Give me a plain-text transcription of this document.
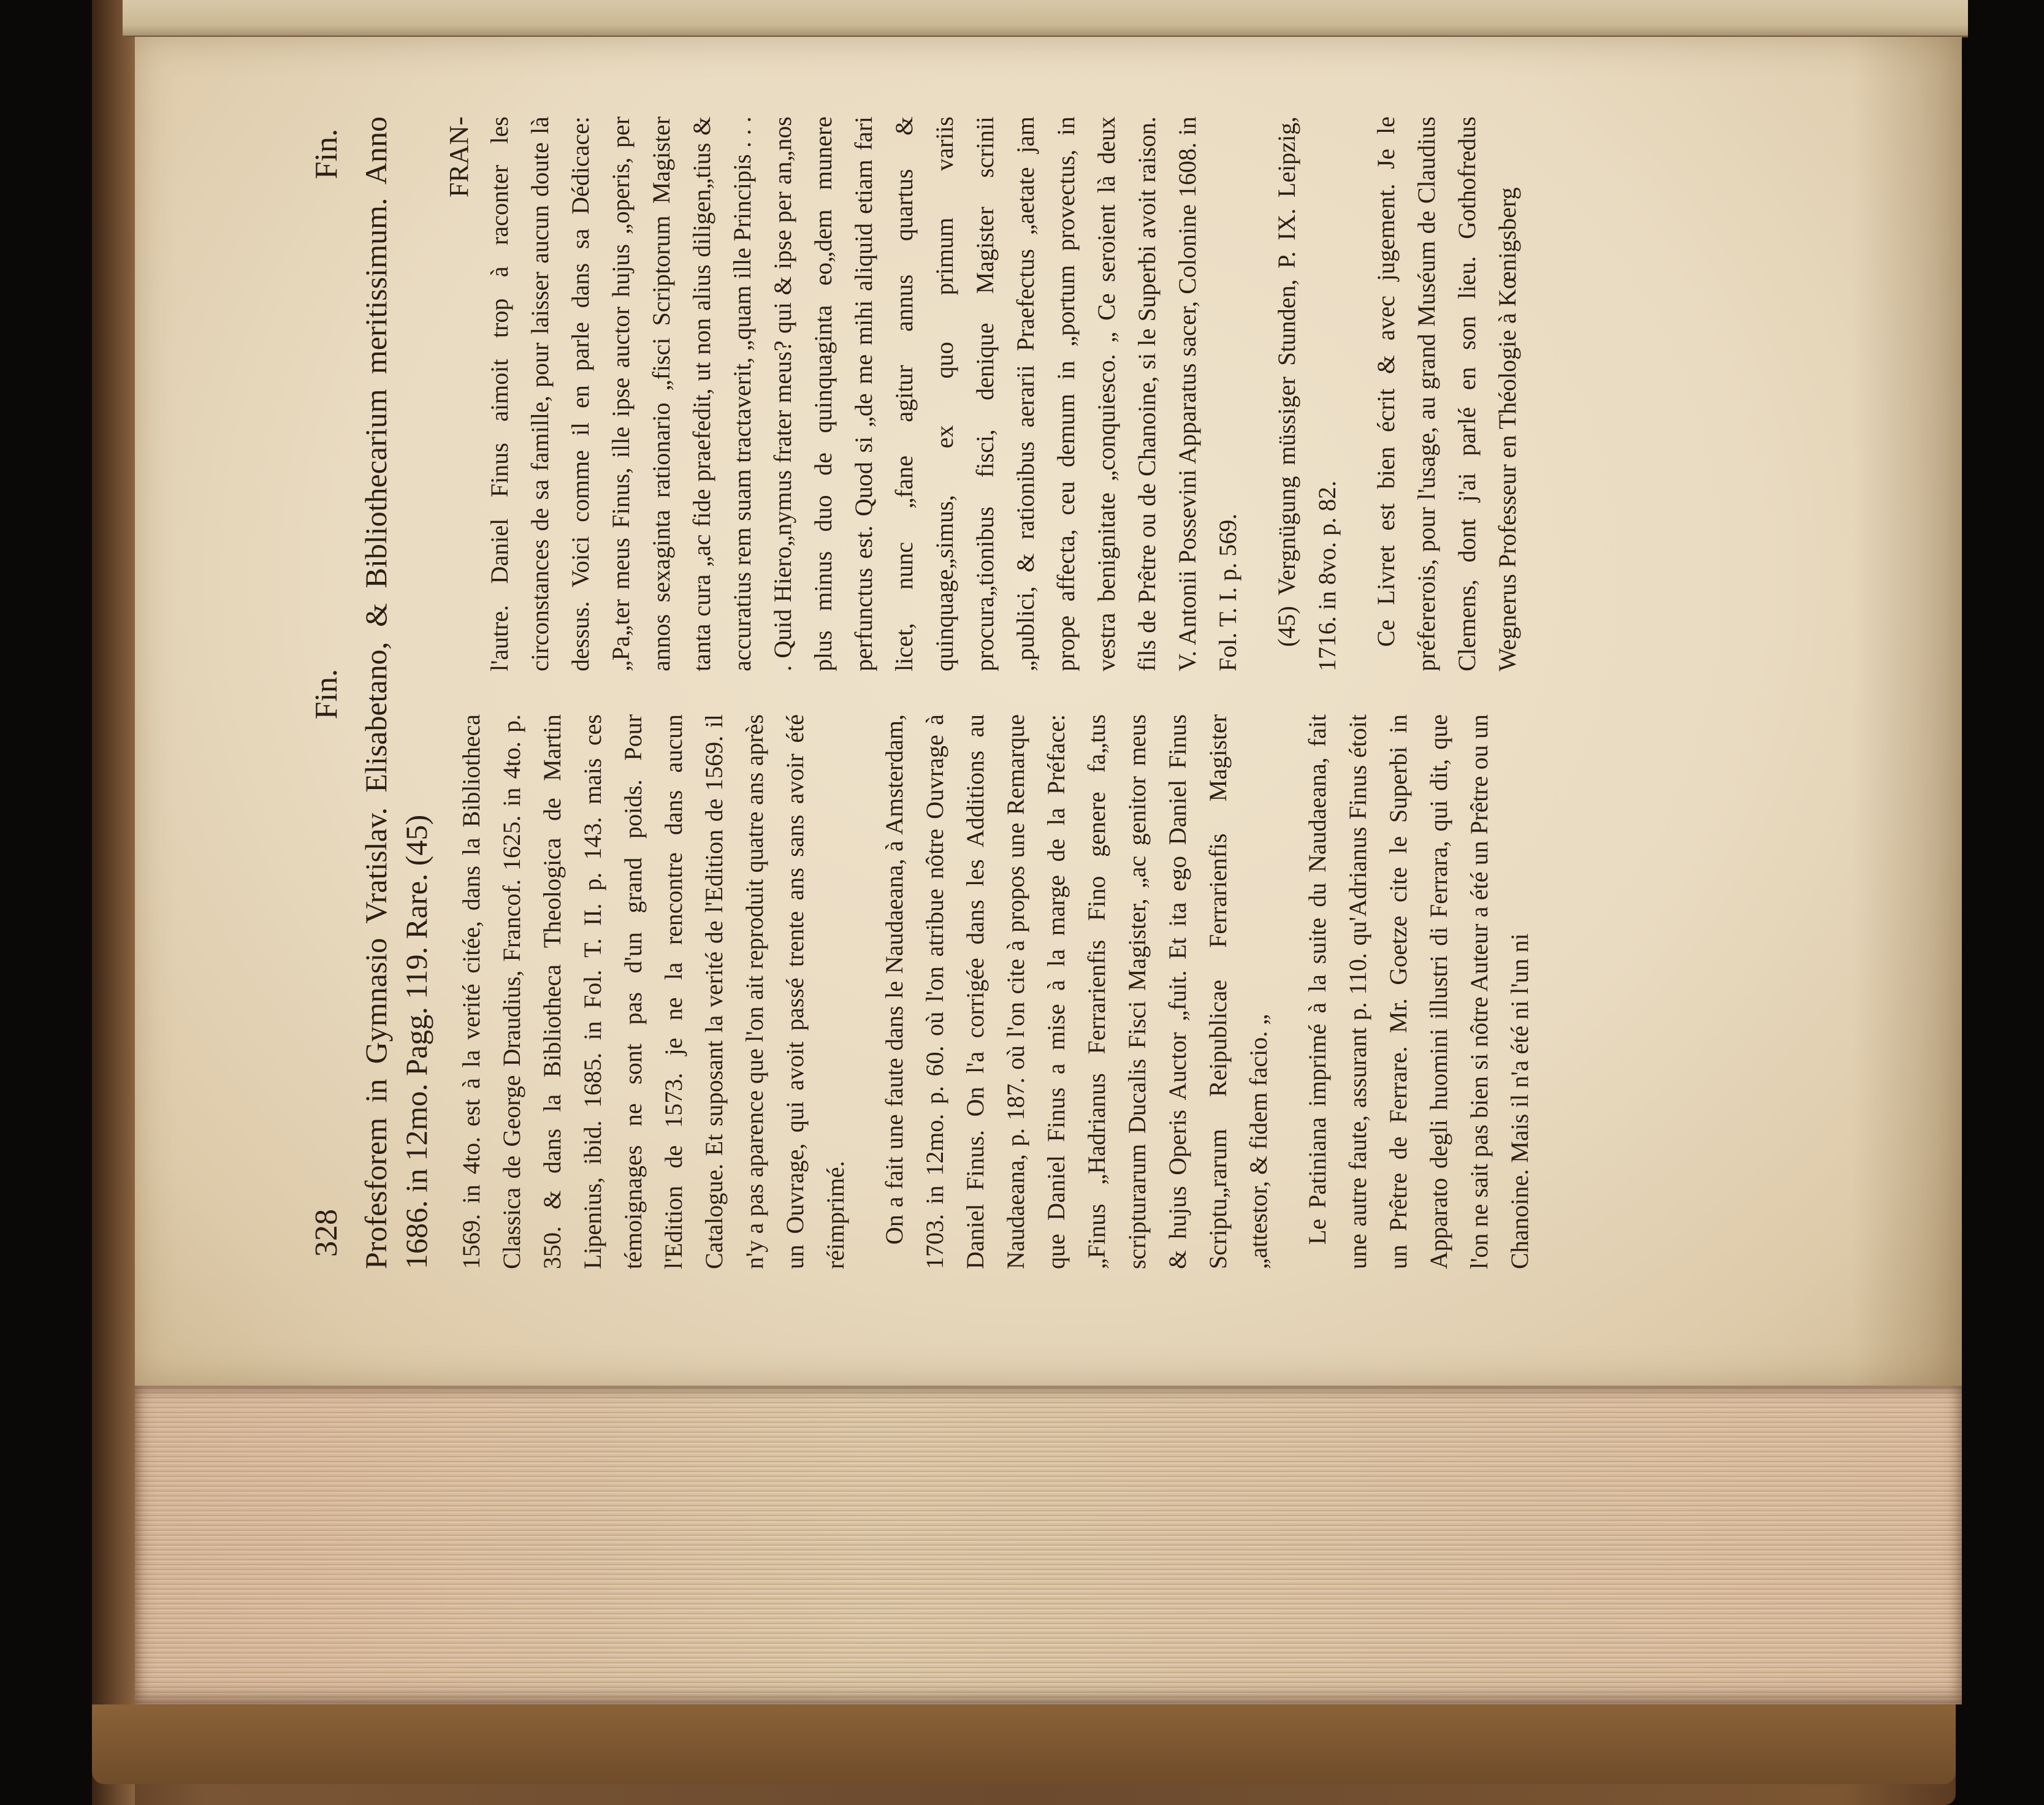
328
Fin.
Fin. Profesforem in Gymnasio Vratislav. Elisabetano, & Bibliothecarium meritissimum. Anno 1686. in 12mo. Pagg. 119. Rare. (45) 1569. in 4to. est à la verité citée, dans la Bibliotheca Classica de George Draudius, Francof. 1625. in 4to. p. 350. & dans la Bibliotheca Theologica de Martin Lipenius, ibid. 1685. in Fol. T. II. p. 143. mais ces témoignages ne sont pas d'un grand poids. Pour l'Edition de 1573. je ne la rencontre dans aucun Catalogue. Et suposant la verité de l'Edition de 1569. il n'y a pas aparence que l'on ait reproduit quatre ans après un Ouvrage, qui avoit passé trente ans sans avoir été réimprimé. On a fait une faute dans le Naudaeana, à Amsterdam, 1703. in 12mo. p. 60. où l'on atribue nôtre Ouvrage à Daniel Finus. On l'a corrigée dans les Additions au Naudaeana, p. 187. où l'on cite à propos une Remarque que Daniel Finus a mise à la marge de la Préface: „Finus „Hadrianus Ferrarienfis Fino genere fa„tus scripturarum Ducalis Fisci Magister, „ac genitor meus & hujus Operis Auctor „fuit. Et ita ego Daniel Finus Scriptu„rarum Reipublicae Ferrarienfis Magister „attestor, & fidem facio. „ Le Patiniana imprimé à la suite du Naudaeana, fait une autre faute, assurant p. 110. qu'Adrianus Finus étoit un Prêtre de Ferrare. Mr. Goetze cite le Superbi in Apparato degli huomini illustri di Ferrara, qui dit, que l'on ne sait pas bien si nôtre Auteur a été un Prêtre ou un Chanoine. Mais il n'a été ni l'un ni

FRAN- l'autre. Daniel Finus aimoit trop à raconter les circonstances de sa famille, pour laisser aucun doute là dessus. Voici comme il en parle dans sa Dédicace: „Pa„ter meus Finus, ille ipse auctor hujus „operis, per annos sexaginta rationario „fisci Scriptorum Magister tanta cura „ac fide praefedit, ut non alius diligen„tius & accuratius rem suam tractaverit, „quam ille Principis . . . . Quid Hiero„nymus frater meus? qui & ipse per an„nos plus minus duo de quinquaginta eo„dem munere perfunctus est. Quod si „de me mihi aliquid etiam fari licet, nunc „fane agitur annus quartus & quinquage„simus, ex quo primum variis procura„tionibus fisci, denique Magister scrinii „publici, & rationibus aerarii Praefectus „aetate jam prope affecta, ceu demum in „portum provectus, in vestra benignitate „conquiesco. „ Ce seroient là deux fils de Prêtre ou de Chanoine, si le Superbi avoit raison. V. Antonii Possevini Apparatus sacer, Colonine 1608. in Fol. T. I. p. 569. (45) Vergnügung müssiger Stunden, P. IX. Leipzig, 1716. in 8vo. p. 82. Ce Livret est bien écrit & avec jugement. Je le préfererois, pour l'usage, au grand Muséum de Claudius Clemens, dont j'ai parlé en son lieu. Gothofredus Wegnerus Professeur en Théologie à Kœnigsberg
